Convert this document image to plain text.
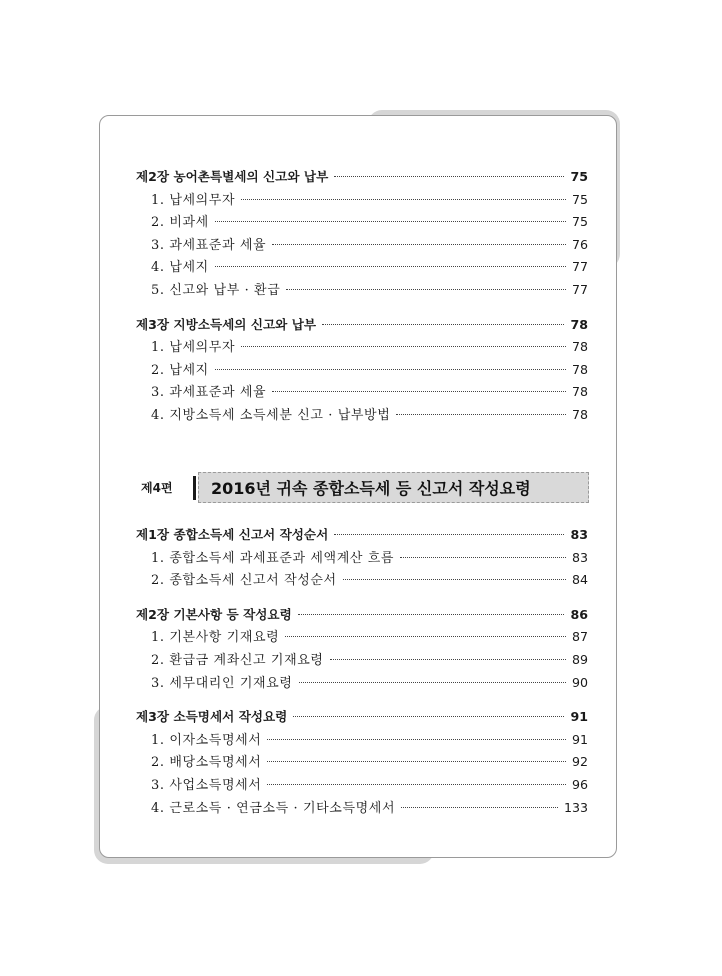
제2장 농어촌특별세의 신고와 납부	75
1. 납세의무자	75
2. 비과세	75
3. 과세표준과 세율	76
4. 납세지	77
5. 신고와 납부 · 환급	77
제3장 지방소득세의 신고와 납부	78
1. 납세의무자	78
2. 납세지	78
3. 과세표준과 세율	78
4. 지방소득세 소득세분 신고 · 납부방법	78
제4편	2016년 귀속 종합소득세 등 신고서 작성요령
제1장 종합소득세 신고서 작성순서	83
1. 종합소득세 과세표준과 세액계산 흐름	83
2. 종합소득세 신고서 작성순서	84
제2장 기본사항 등 작성요령	86
1. 기본사항 기재요령	87
2. 환급금 계좌신고 기재요령	89
3. 세무대리인 기재요령	90
제3장 소득명세서 작성요령	91
1. 이자소득명세서	91
2. 배당소득명세서	92
3. 사업소득명세서	96
4. 근로소득 · 연금소득 · 기타소득명세서	133
